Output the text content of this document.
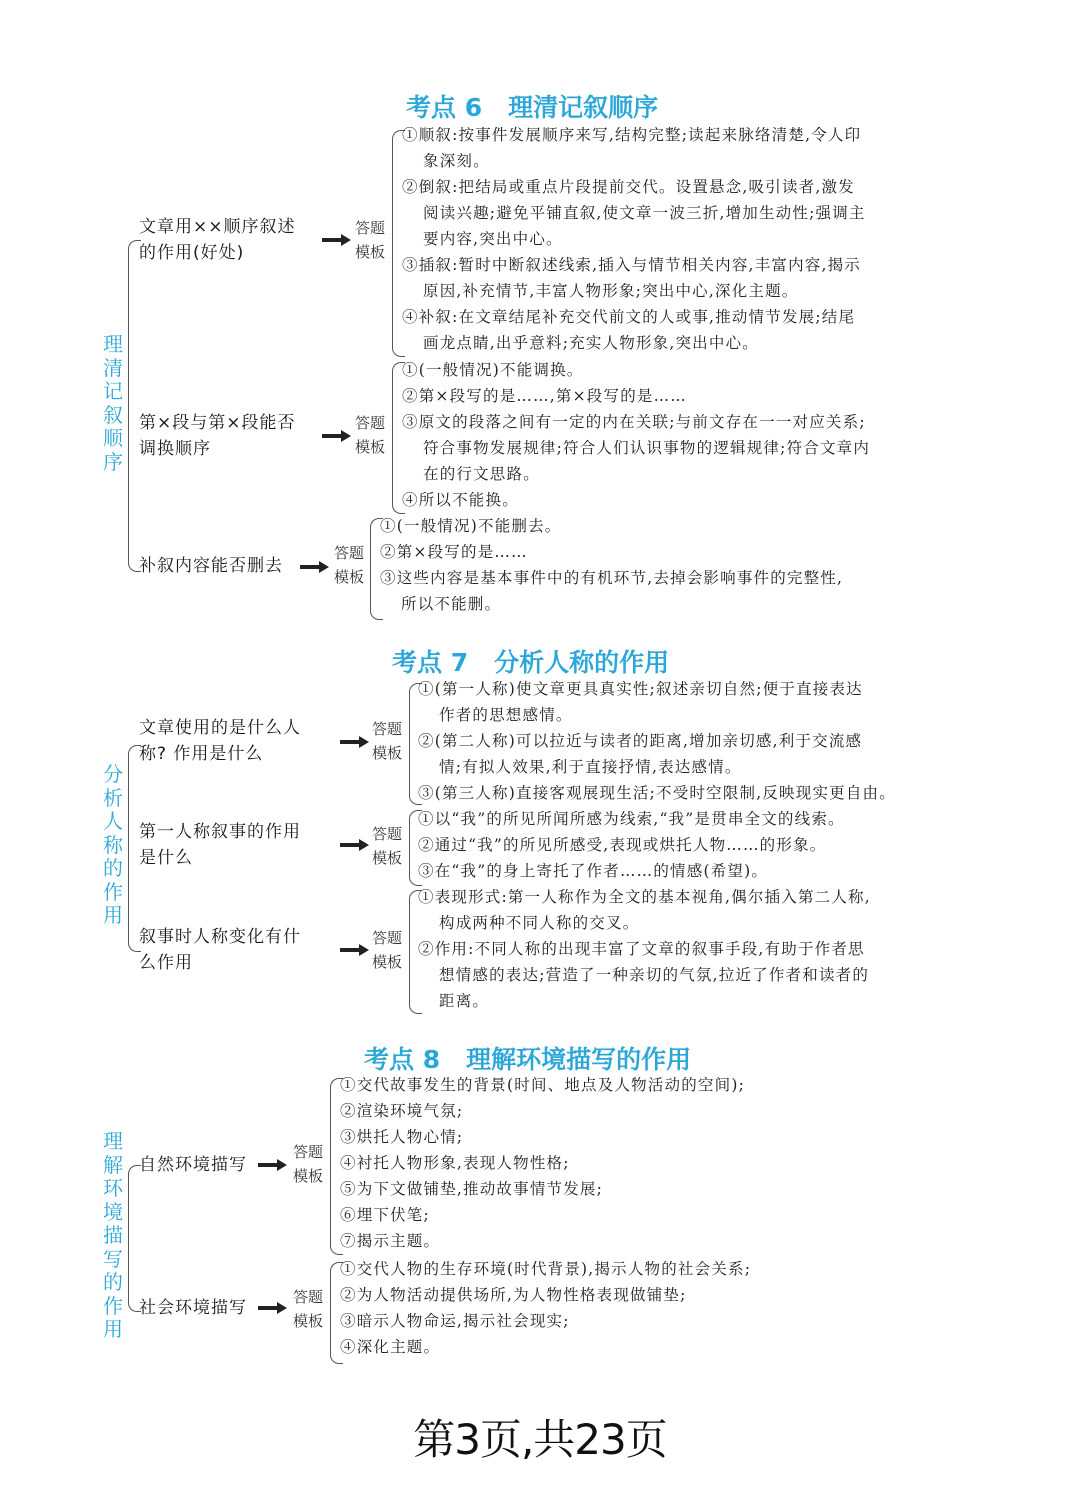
考点 6 理清记叙顺序
理
清
记
叙
顺
序
文章用××顺序叙述
的作用(好处)
答题
模板
①顺叙:按事件发展顺序来写,结构完整;读起来脉络清楚,令人印
象深刻。
②倒叙:把结局或重点片段提前交代。设置悬念,吸引读者,激发
阅读兴趣;避免平铺直叙,使文章一波三折,增加生动性;强调主
要内容,突出中心。
③插叙:暂时中断叙述线索,插入与情节相关内容,丰富内容,揭示
原因,补充情节,丰富人物形象;突出中心,深化主题。
④补叙:在文章结尾补充交代前文的人或事,推动情节发展;结尾
画龙点睛,出乎意料;充实人物形象,突出中心。
第×段与第×段能否
调换顺序
答题
模板
①(一般情况)不能调换。
②第×段写的是……,第×段写的是……
③原文的段落之间有一定的内在关联;与前文存在一一对应关系;
符合事物发展规律;符合人们认识事物的逻辑规律;符合文章内
在的行文思路。
④所以不能换。
补叙内容能否删去
答题
模板
①(一般情况)不能删去。
②第×段写的是……
③这些内容是基本事件中的有机环节,去掉会影响事件的完整性,
所以不能删。
考点 7 分析人称的作用
分
析
人
称
的
作
用
文章使用的是什么人
称? 作用是什么
答题
模板
①(第一人称)使文章更具真实性;叙述亲切自然;便于直接表达
作者的思想感情。
②(第二人称)可以拉近与读者的距离,增加亲切感,利于交流感
情;有拟人效果,利于直接抒情,表达感情。
③(第三人称)直接客观展现生活;不受时空限制,反映现实更自由。
第一人称叙事的作用
是什么
答题
模板
①以“我”的所见所闻所感为线索,“我”是贯串全文的线索。
②通过“我”的所见所感受,表现或烘托人物……的形象。
③在“我”的身上寄托了作者……的情感(希望)。
叙事时人称变化有什
么作用
答题
模板
①表现形式:第一人称作为全文的基本视角,偶尔插入第二人称,
构成两种不同人称的交叉。
②作用:不同人称的出现丰富了文章的叙事手段,有助于作者思
想情感的表达;营造了一种亲切的气氛,拉近了作者和读者的
距离。
考点 8 理解环境描写的作用
理
解
环
境
描
写
的
作
用
自然环境描写
答题
模板
①交代故事发生的背景(时间、地点及人物活动的空间);
②渲染环境气氛;
③烘托人物心情;
④衬托人物形象,表现人物性格;
⑤为下文做铺垫,推动故事情节发展;
⑥埋下伏笔;
⑦揭示主题。
社会环境描写
答题
模板
①交代人物的生存环境(时代背景),揭示人物的社会关系;
②为人物活动提供场所,为人物性格表现做铺垫;
③暗示人物命运,揭示社会现实;
④深化主题。
第3页,共23页
